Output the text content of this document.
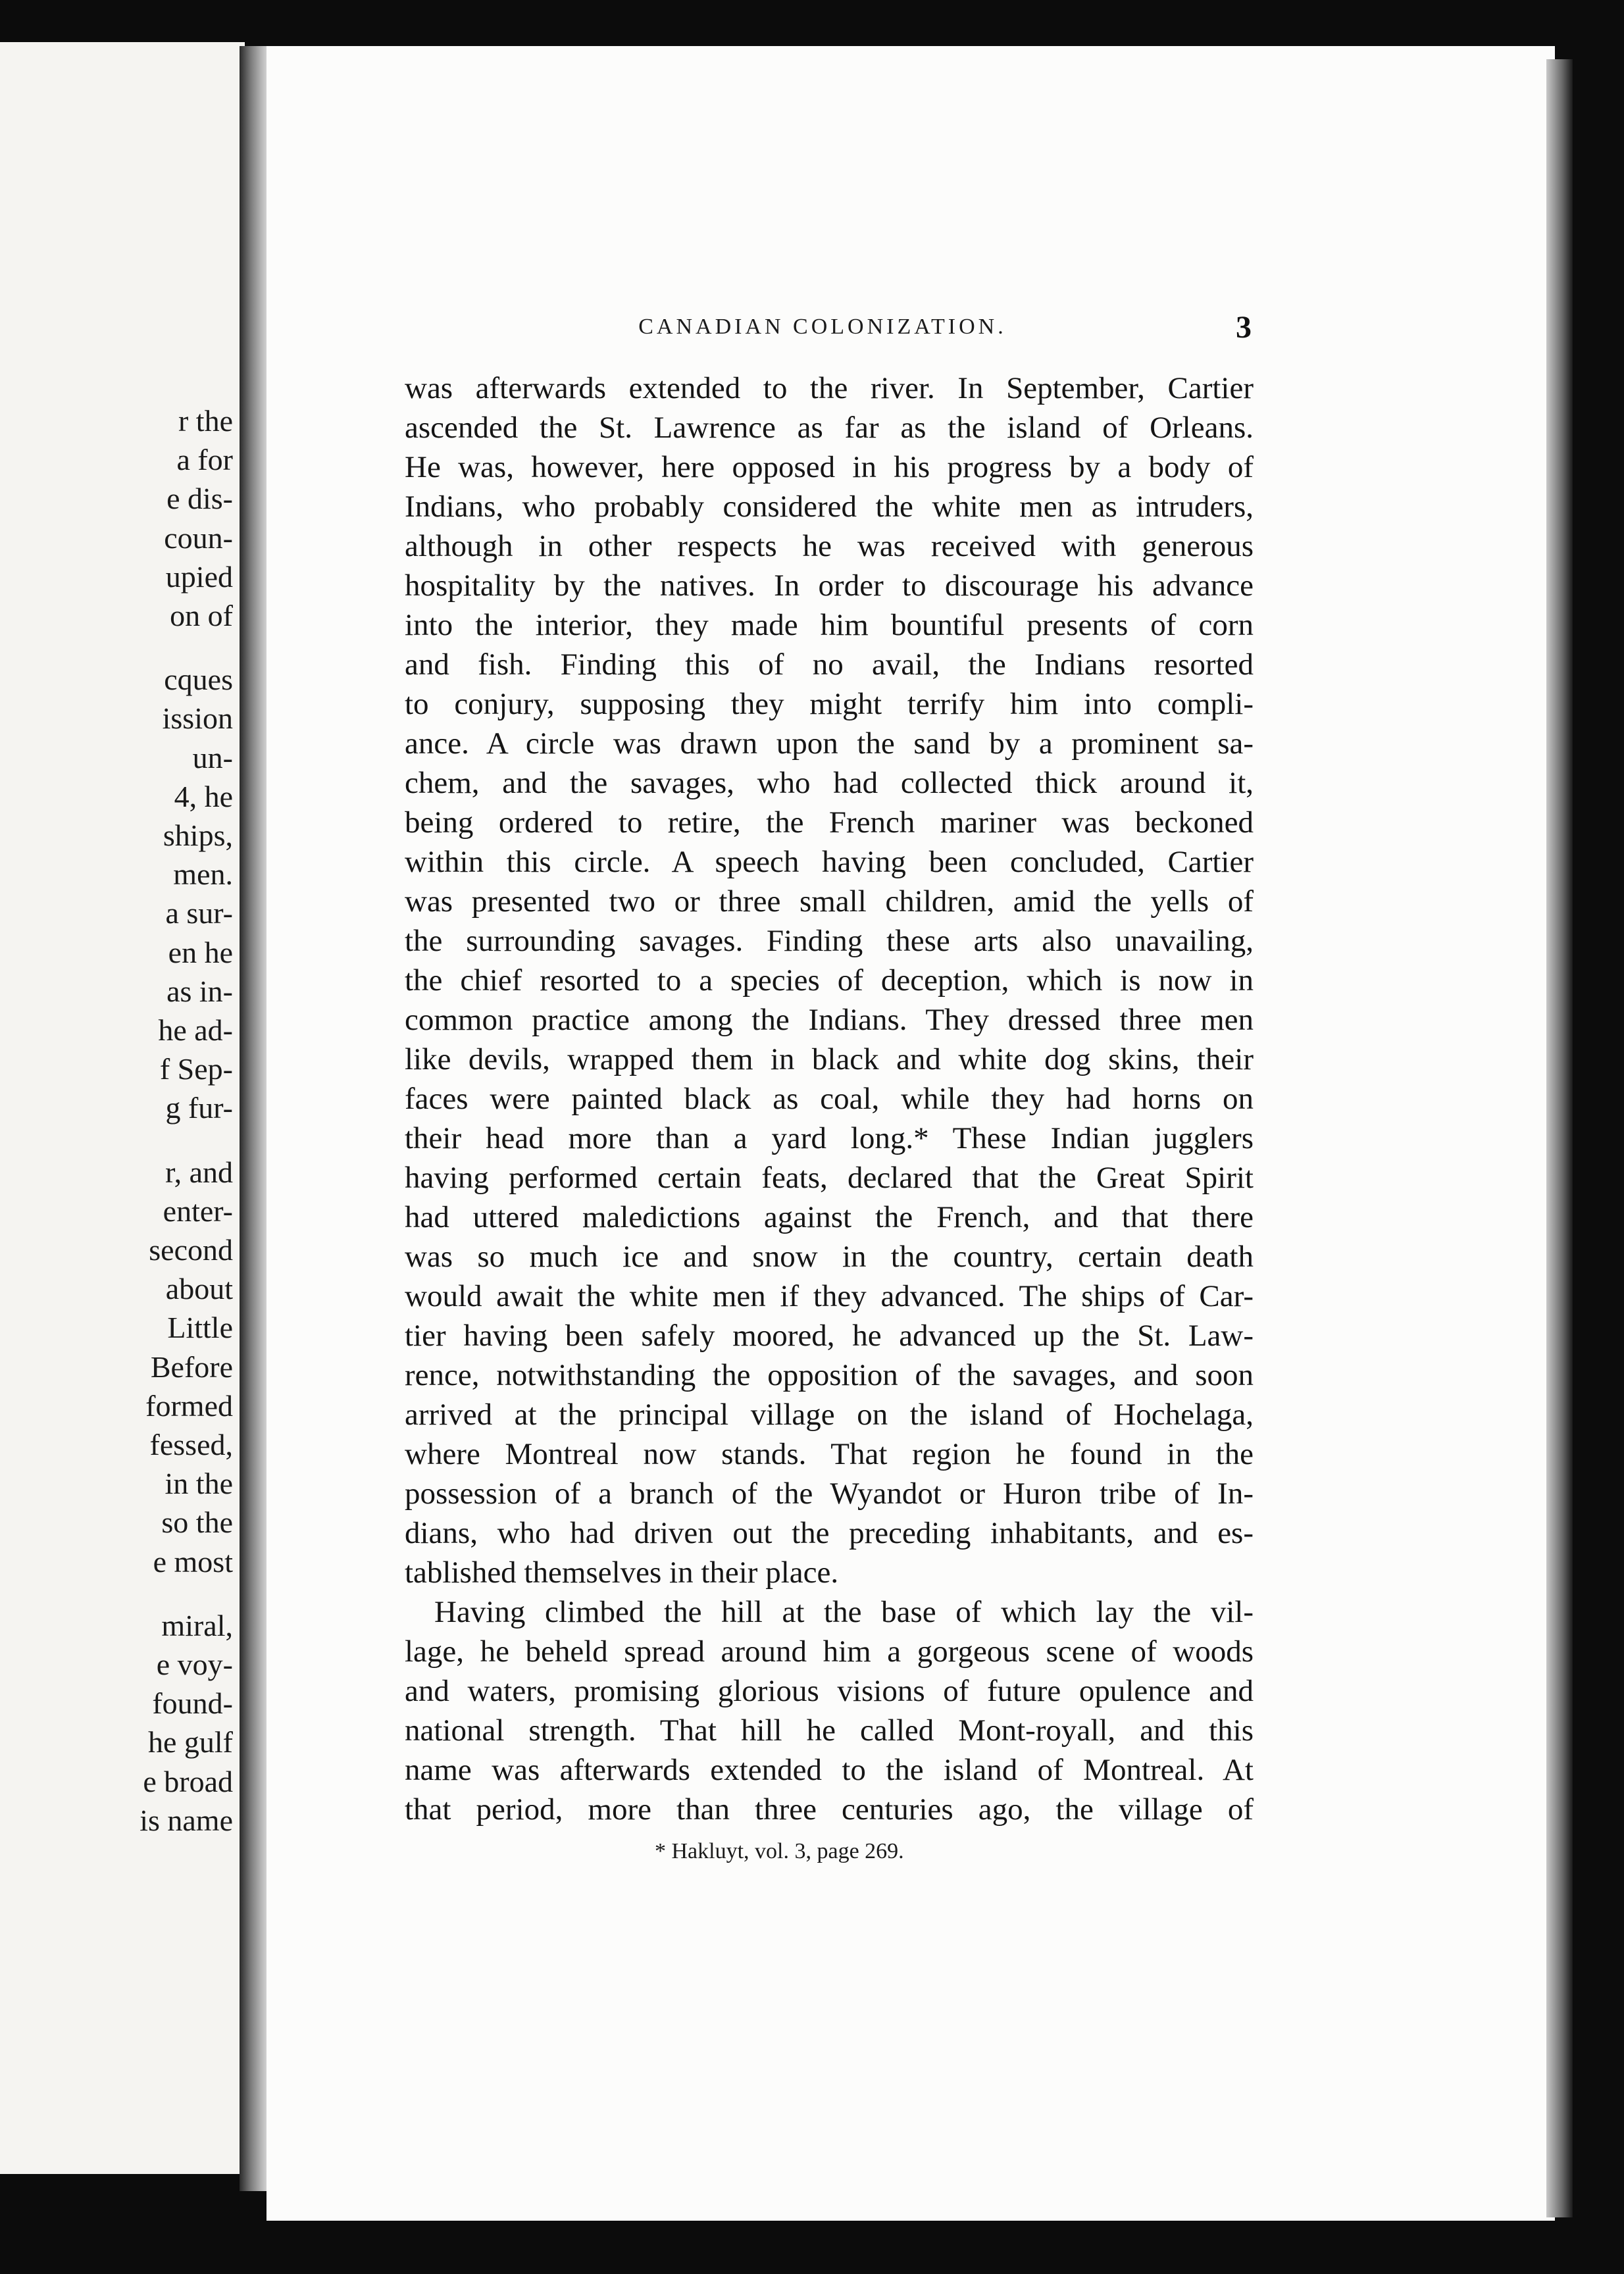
r the
a for
e dis-
coun-
upied
on of
cques
ission
un-
4, he
ships,
men.
a sur-
en he
as in-
he ad-
f Sep-
g fur-
r, and
enter-
second
about
Little
Before
formed
fessed,
in the
so the
e most
miral,
e voy-
found-
he gulf
e broad
is name
CANADIAN COLONIZATION.	3
was afterwards extended to the river. In September, Cartier
ascended the St. Lawrence as far as the island of Orleans.
He was, however, here opposed in his progress by a body of
Indians, who probably considered the white men as intruders,
although in other respects he was received with generous
hospitality by the natives. In order to discourage his advance
into the interior, they made him bountiful presents of corn
and fish. Finding this of no avail, the Indians resorted
to conjury, supposing they might terrify him into compli-
ance. A circle was drawn upon the sand by a prominent sa-
chem, and the savages, who had collected thick around it,
being ordered to retire, the French mariner was beckoned
within this circle. A speech having been concluded, Cartier
was presented two or three small children, amid the yells of
the surrounding savages. Finding these arts also unavailing,
the chief resorted to a species of deception, which is now in
common practice among the Indians. They dressed three men
like devils, wrapped them in black and white dog skins, their
faces were painted black as coal, while they had horns on
their head more than a yard long.* These Indian jugglers
having performed certain feats, declared that the Great Spirit
had uttered maledictions against the French, and that there
was so much ice and snow in the country, certain death
would await the white men if they advanced. The ships of Car-
tier having been safely moored, he advanced up the St. Law-
rence, notwithstanding the opposition of the savages, and soon
arrived at the principal village on the island of Hochelaga,
where Montreal now stands. That region he found in the
possession of a branch of the Wyandot or Huron tribe of In-
dians, who had driven out the preceding inhabitants, and es-
tablished themselves in their place.
Having climbed the hill at the base of which lay the vil-
lage, he beheld spread around him a gorgeous scene of woods
and waters, promising glorious visions of future opulence and
national strength. That hill he called Mont-royall, and this
name was afterwards extended to the island of Montreal. At
that period, more than three centuries ago, the village of
* Hakluyt, vol. 3, page 269.
